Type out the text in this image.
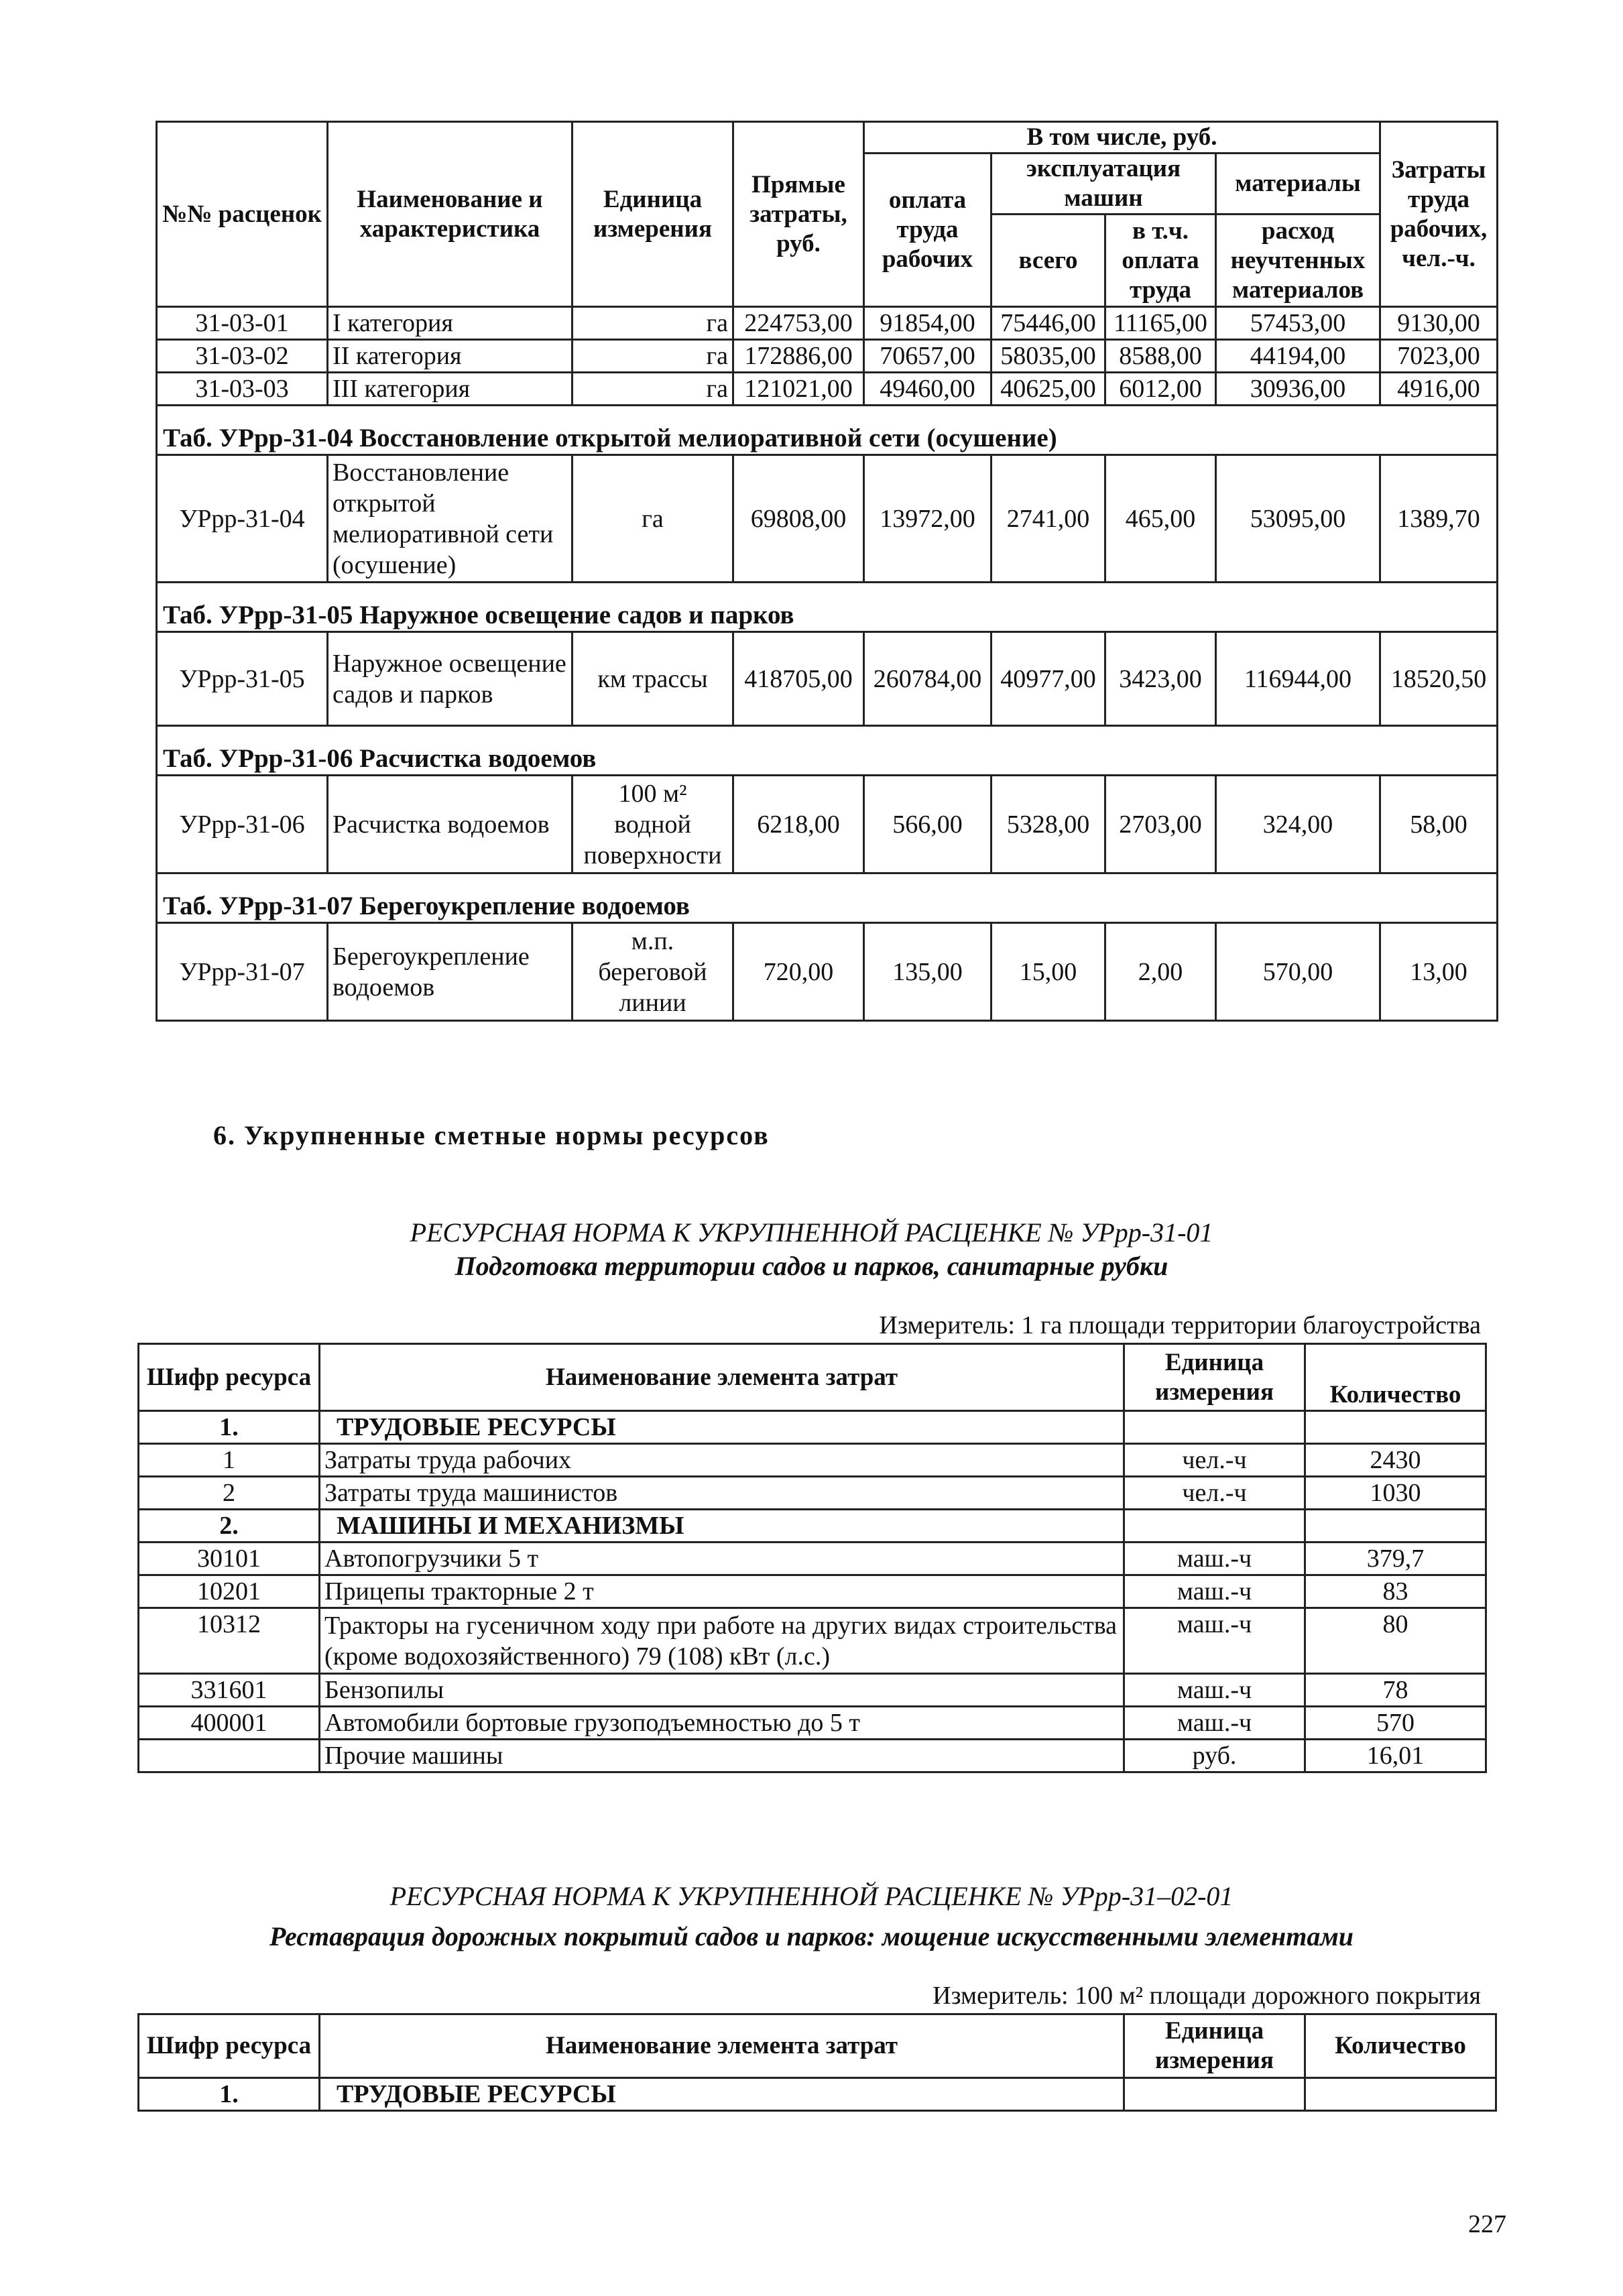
№№ расценок	Наименование и характеристика	Единица измерения	Прямые затраты, руб.	В том числе, руб.				Затраты труда рабочих, чел.-ч.
				оплата труда рабочих	эксплуатация машин		материалы	
					всего	в т.ч. оплата труда	расход неучтенных материалов	

31-03-01	I категория	га	224753,00	91854,00	75446,00	11165,00	57453,00	9130,00
31-03-02	II категория	га	172886,00	70657,00	58035,00	8588,00	44194,00	7023,00
31-03-03	III категория	га	121021,00	49460,00	40625,00	6012,00	30936,00	4916,00
Таб. УРрр-31-04 Восстановление открытой мелиоративной сети (осушение)								
УРрр-31-04	Восстановление открытой мелиоративной сети (осушение)	га	69808,00	13972,00	2741,00	465,00	53095,00	1389,70
Таб. УРрр-31-05 Наружное освещение садов и парков								
УРрр-31-05	Наружное освещение садов и парков	км трассы	418705,00	260784,00	40977,00	3423,00	116944,00	18520,50
Таб. УРрр-31-06 Расчистка водоемов								
УРрр-31-06	Расчистка водоемов	100 м² водной поверхности	6218,00	566,00	5328,00	2703,00	324,00	58,00
Таб. УРрр-31-07 Берегоукрепление водоемов								
УРрр-31-07	Берегоукрепление водоемов	м.п. береговой линии	720,00	135,00	15,00	2,00	570,00	13,00
6. Укрупненные сметные нормы ресурсов
РЕСУРСНАЯ НОРМА К УКРУПНЕННОЙ РАСЦЕНКЕ № УРрр-31-01
Подготовка территории садов и парков, санитарные рубки
Измеритель: 1 га площади территории благоустройства
Шифр ресурса	Наименование элемента затрат	Единица измерения	Количество
1.	ТРУДОВЫЕ РЕСУРСЫ		
1	Затраты труда рабочих	чел.-ч	2430
2	Затраты труда машинистов	чел.-ч	1030
2.	МАШИНЫ И МЕХАНИЗМЫ		
30101	Автопогрузчики 5 т	маш.-ч	379,7
10201	Прицепы тракторные 2 т	маш.-ч	83
10312	Тракторы на гусеничном ходу при работе на других видах строительства (кроме водохозяйственного) 79 (108) кВт (л.с.)	маш.-ч	80
331601	Бензопилы	маш.-ч	78
400001	Автомобили бортовые грузоподъемностью до 5 т	маш.-ч	570
	Прочие машины	руб.	16,01
РЕСУРСНАЯ НОРМА К УКРУПНЕННОЙ РАСЦЕНКЕ № УРрр-31–02-01
Реставрация дорожных покрытий садов и парков: мощение искусственными элементами
Измеритель: 100 м² площади дорожного покрытия
Шифр ресурса	Наименование элемента затрат	Единица измерения	Количество
1.	ТРУДОВЫЕ РЕСУРСЫ		
227
